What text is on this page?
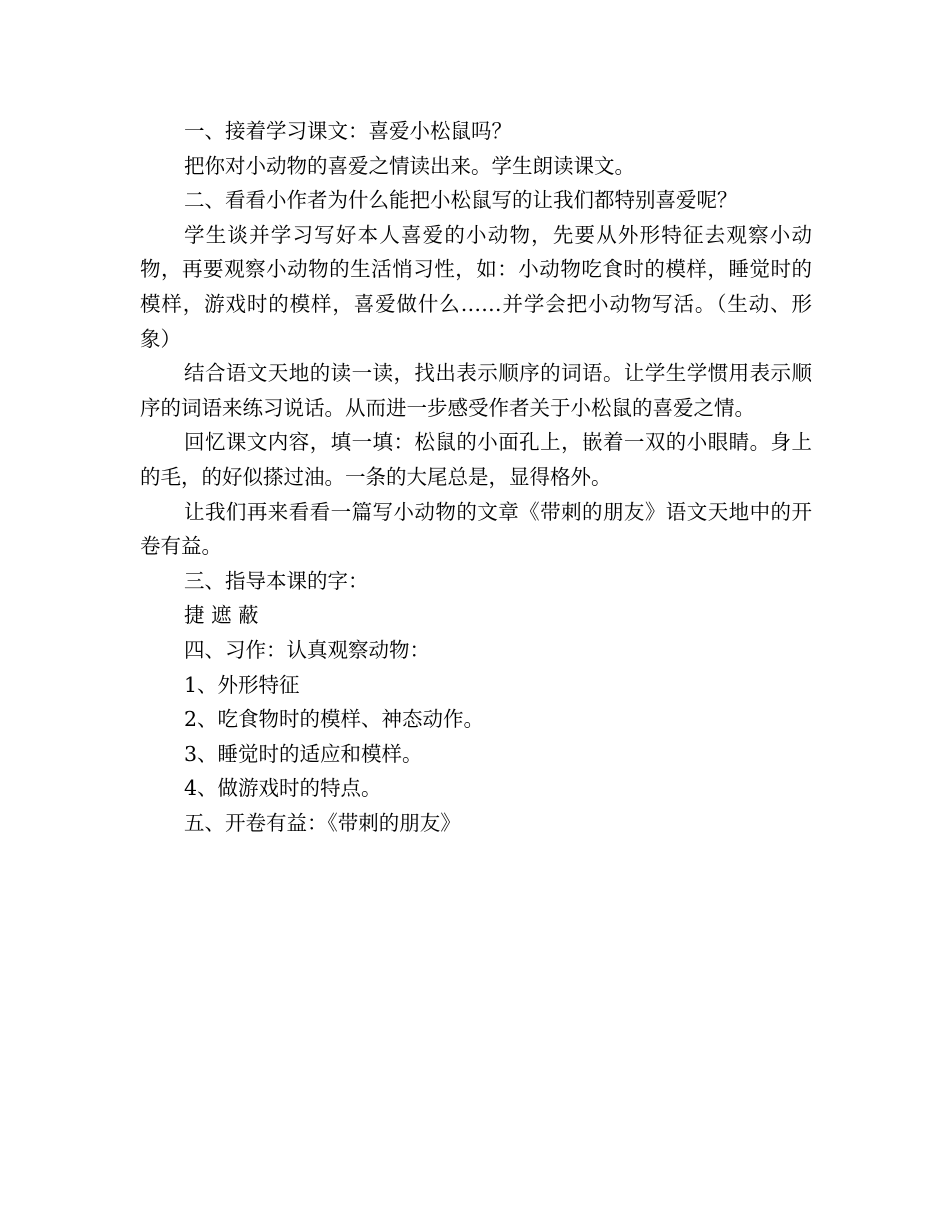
一、接着学习课文：喜爱小松鼠吗？

把你对小动物的喜爱之情读出来。学生朗读课文。

二、看看小作者为什么能把小松鼠写的让我们都特别喜爱呢？

学生谈并学习写好本人喜爱的小动物，先要从外形特征去观察小动物，再要观察小动物的生活悄习性，如：小动物吃食时的模样，睡觉时的模样，游戏时的模样，喜爱做什么……并学会把小动物写活。（生动、形象）

结合语文天地的读一读，找出表示顺序的词语。让学生学惯用表示顺序的词语来练习说话。从而进一步感受作者关于小松鼠的喜爱之情。

回忆课文内容，填一填：松鼠的小面孔上，嵌着一双的小眼睛。身上的毛，的好似搽过油。一条的大尾总是，显得格外。

让我们再来看看一篇写小动物的文章《带刺的朋友》语文天地中的开卷有益。

三、指导本课的字：

捷 遮 蔽

四、习作：认真观察动物：

1、外形特征

2、吃食物时的模样、神态动作。

3、睡觉时的适应和模样。

4、做游戏时的特点。

五、开卷有益：《带刺的朋友》
